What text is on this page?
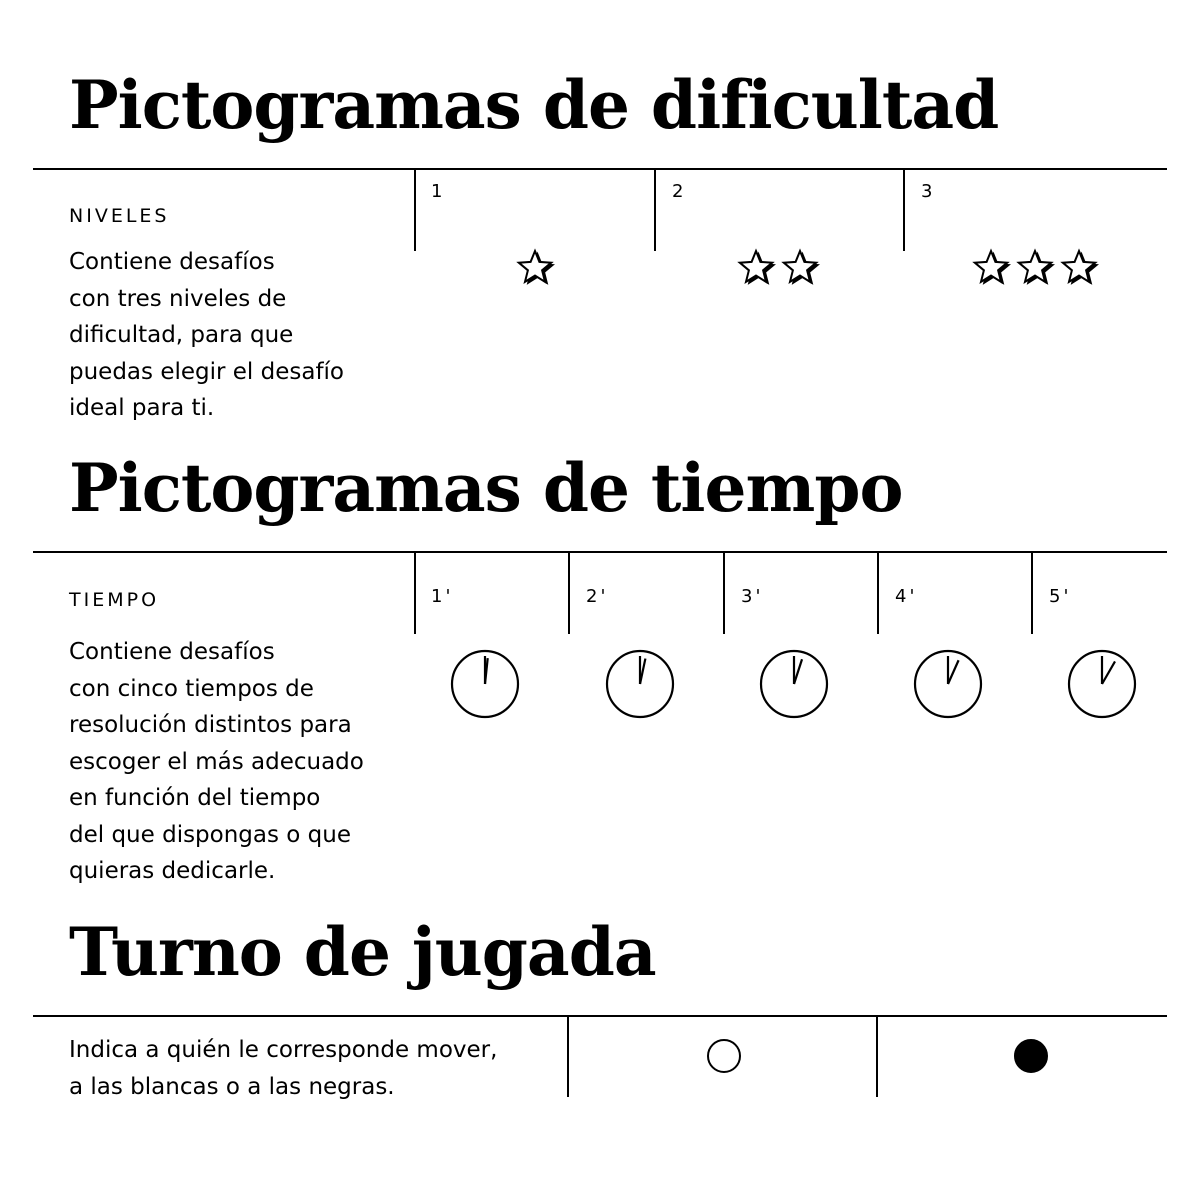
Pictogramas de dificultad
NIVELES
Contiene desafíos
con tres niveles de
dificultad, para que
puedas elegir el desafío
ideal para ti.
1	2	3
Pictogramas de tiempo
TIEMPO
Contiene desafíos
con cinco tiempos de
resolución distintos para
escoger el más adecuado
en función del tiempo
del que dispongas o que
quieras dedicarle.
1'	2'	3'	4'	5'
Turno de jugada
Indica a quién le corresponde mover,
a las blancas o a las negras.
